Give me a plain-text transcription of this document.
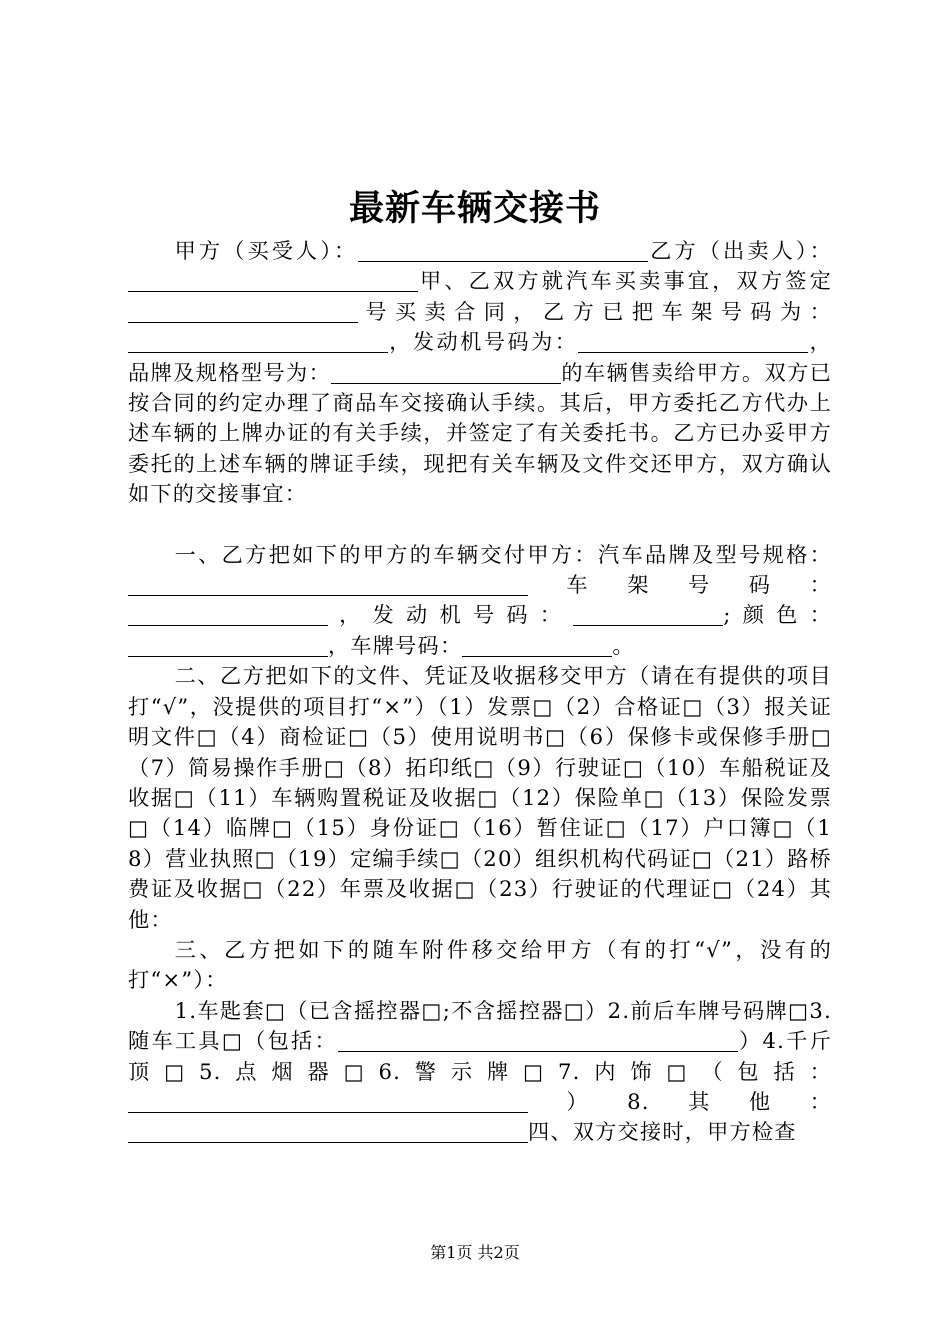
最新车辆交接书

甲方（买受人）：	乙方（出卖人）：甲、乙双方就汽车买卖事宜，双方签定号买卖合同，乙方已把车架号码为：，发动机号码为：	，品牌及规格型号为：	的车辆售卖给甲方。双方已按合同的约定办理了商品车交接确认手续。其后，甲方委托乙方代办上述车辆的上牌办证的有关手续，并签定了有关委托书。乙方已办妥甲方委托的上述车辆的牌证手续，现把有关车辆及文件交还甲方，双方确认如下的交接事宜：

一、乙方把如下的甲方的车辆交付甲方：汽车品牌及型号规格：车架号码：，发动机号码：	;颜色：，车牌号码：	。

二、乙方把如下的文件、凭证及收据移交甲方（请在有提供的项目打“√”，没提供的项目打“×”）（1）发票□（2）合格证□（3）报关证明文件□（4）商检证□（5）使用说明书□（6）保修卡或保修手册□（7）简易操作手册□（8）拓印纸□（9）行驶证□（10）车船税证及收据□（11）车辆购置税证及收据□（12）保险单□（13）保险发票□（14）临牌□（15）身份证□（16）暂住证□（17）户口簿□（18）营业执照□（19）定编手续□（20）组织机构代码证□（21）路桥费证及收据□（22）年票及收据□（23）行驶证的代理证□（24）其他：

三、乙方把如下的随车附件移交给甲方（有的打“√”，没有的打“×”）：

1.车匙套□（已含摇控器□;不含摇控器□）2.前后车牌号码牌□3.随车工具□（包括：	）4.千斤顶□5.点烟器□6.警示牌□7.内饰□（包括：）8.其他：四、双方交接时，甲方检查

第1页 共2页
